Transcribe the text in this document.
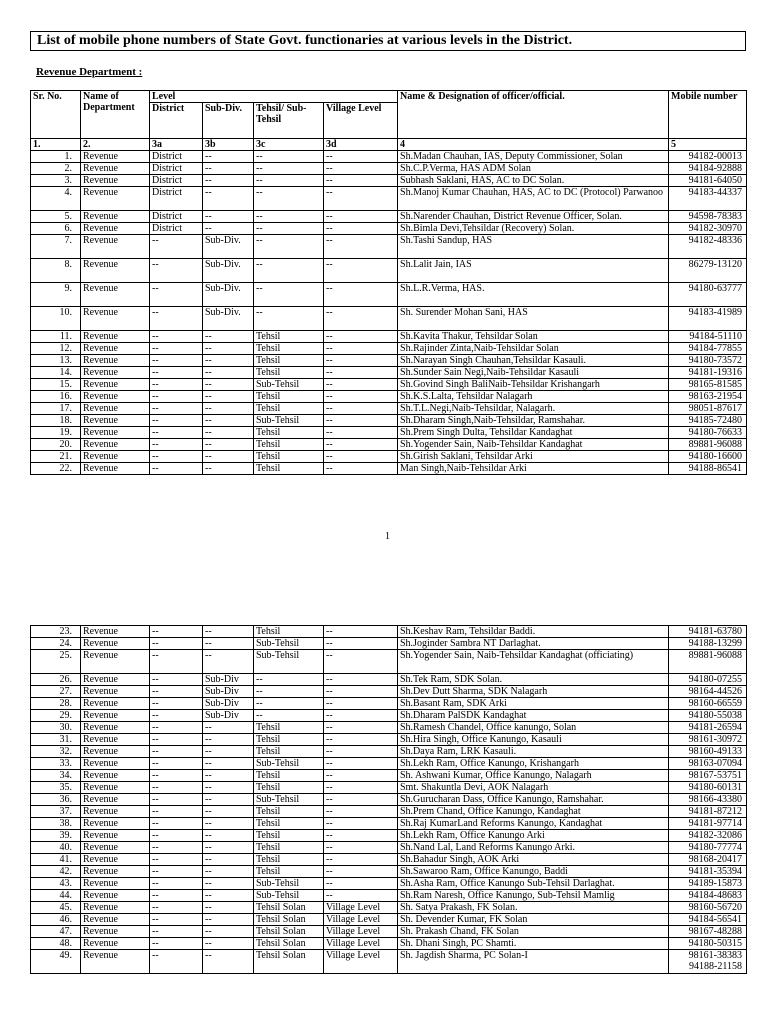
List of mobile phone numbers of State Govt. functionaries at various levels in the District.
Revenue Department :
Sr. No.	Name of Department	Level				Name & Designation of officer/official.	Mobile number
		District	Sub-Div.	Tehsil/ Sub-Tehsil	Village Level		
1.	2.	3a	3b	3c	3d	4	5
1.	Revenue	District	--	--	--	Sh.Madan Chauhan, IAS, Deputy Commissioner, Solan	94182-00013
2.	Revenue	District	--	--	--	Sh.C.P.Verma, HAS ADM Solan	94184-92888
3.	Revenue	District	--	--	--	Subhash Saklani, HAS, AC to DC Solan.	94181-64050
4.	Revenue	District	--	--	--	Sh.Manoj Kumar Chauhan, HAS, AC to DC (Protocol) Parwanoo	94183-44337
5.	Revenue	District	--	--	--	Sh.Narender Chauhan, District Revenue Officer, Solan.	94598-78383
6.	Revenue	District	--	--	--	Sh.Bimla Devi,Tehsildar (Recovery) Solan.	94182-30970
7.	Revenue	--	Sub-Div.	--	--	Sh.Tashi Sandup, HAS	94182-48336
8.	Revenue	--	Sub-Div.	--	--	Sh.Lalit Jain, IAS	86279-13120
9.	Revenue	--	Sub-Div.	--	--	Sh.L.R.Verma, HAS.	94180-63777
10.	Revenue	--	Sub-Div.	--	--	Sh. Surender Mohan Sani, HAS	94183-41989
11.	Revenue	--	--	Tehsil	--	Sh.Kavita Thakur, Tehsildar Solan	94184-51110
12.	Revenue	--	--	Tehsil	--	Sh.Rajinder Zinta,Naib-Tehsildar Solan	94184-77855
13.	Revenue	--	--	Tehsil	--	Sh.Narayan Singh Chauhan,Tehsildar Kasauli.	94180-73572
14.	Revenue	--	--	Tehsil	--	Sh.Sunder Sain Negi,Naib-Tehsildar Kasauli	94181-19316
15.	Revenue	--	--	Sub-Tehsil	--	Sh.Govind Singh BaliNaib-Tehsildar Krishangarh	98165-81585
16.	Revenue	--	--	Tehsil	--	Sh.K.S.Lalta, Tehsildar Nalagarh	98163-21954
17.	Revenue	--	--	Tehsil	--	Sh.T.L.Negi,Naib-Tehsildar, Nalagarh.	98051-87617
18.	Revenue	--	--	Sub-Tehsil	--	Sh.Dharam Singh,Naib-Tehsildar, Ramshahar.	94185-72480
19.	Revenue	--	--	Tehsil	--	Sh.Prem Singh Dulta, Tehsildar Kandaghat	94180-76633
20.	Revenue	--	--	Tehsil	--	Sh.Yogender Sain, Naib-Tehsildar Kandaghat	89881-96088
21.	Revenue	--	--	Tehsil	--	Sh.Girish Saklani, Tehsildar Arki	94180-16600
22.	Revenue	--	--	Tehsil	--	Man Singh,Naib-Tehsildar Arki	94188-86541
1
23.	Revenue	--	--	Tehsil	--	Sh.Keshav Ram, Tehsildar Baddi.	94181-63780
24.	Revenue	--	--	Sub-Tehsil	--	Sh.Joginder Sambra NT Darlaghat.	94188-13299
25.	Revenue	--	--	Sub-Tehsil	--	Sh.Yogender Sain, Naib-Tehsildar Kandaghat (officiating)	89881-96088
26.	Revenue	--	Sub-Div	--	--	Sh.Tek Ram, SDK Solan.	94180-07255
27.	Revenue	--	Sub-Div	--	--	Sh.Dev Dutt Sharma, SDK Nalagarh	98164-44526
28.	Revenue	--	Sub-Div	--	--	Sh.Basant Ram, SDK Arki	98160-66559
29.	Revenue	--	Sub-Div	--	--	Sh.Dharam PalSDK Kandaghat	94180-55038
30.	Revenue	--	--	Tehsil	--	Sh.Ramesh Chandel, Office kanungo, Solan	94181-26594
31.	Revenue	--	--	Tehsil	--	Sh.Hira Singh, Office Kanungo, Kasauli	98161-30972
32.	Revenue	--	--	Tehsil	--	Sh.Daya Ram, LRK Kasauli.	98160-49133
33.	Revenue	--	--	Sub-Tehsil	--	Sh.Lekh Ram, Office Kanungo, Krishangarh	98163-07094
34.	Revenue	--	--	Tehsil	--	Sh. Ashwani Kumar, Office Kanungo, Nalagarh	98167-53751
35.	Revenue	--	--	Tehsil	--	Smt. Shakuntla Devi, AOK Nalagarh	94180-60131
36.	Revenue	--	--	Sub-Tehsil	--	Sh.Gurucharan Dass, Office Kanungo, Ramshahar.	98166-43380
37.	Revenue	--	--	Tehsil	--	Sh.Prem Chand, Office Kanungo, Kandaghat	94181-87212
38.	Revenue	--	--	Tehsil	--	Sh.Raj KumarLand Reforms Kanungo, Kandaghat	94181-97714
39.	Revenue	--	--	Tehsil	--	Sh.Lekh Ram, Office Kanungo Arki	94182-32086
40.	Revenue	--	--	Tehsil	--	Sh.Nand Lal, Land Reforms Kanungo Arki.	94180-77774
41.	Revenue	--	--	Tehsil	--	Sh.Bahadur Singh, AOK Arki	98168-20417
42.	Revenue	--	--	Tehsil	--	Sh.Sawaroo Ram, Office Kanungo, Baddi	94181-35394
43.	Revenue	--	--	Sub-Tehsil	--	Sh.Asha Ram, Office Kanungo Sub-Tehsil Darlaghat.	94189-15873
44.	Revenue	--	--	Sub-Tehsil	--	Sh.Ram Naresh, Office Kanungo, Sub-Tehsil Mamlig	94184-48683
45.	Revenue	--	--	Tehsil Solan	Village Level	Sh. Satya Prakash, FK Solan.	98160-56720
46.	Revenue	--	--	Tehsil Solan	Village Level	Sh. Devender Kumar, FK Solan	94184-56541
47.	Revenue	--	--	Tehsil Solan	Village Level	Sh. Prakash Chand, FK Solan	98167-48288
48.	Revenue	--	--	Tehsil Solan	Village Level	Sh. Dhani Singh, PC Shamti.	94180-50315
49.	Revenue	--	--	Tehsil Solan	Village Level	Sh. Jagdish Sharma, PC Solan-I	98161-38383 94188-21158
